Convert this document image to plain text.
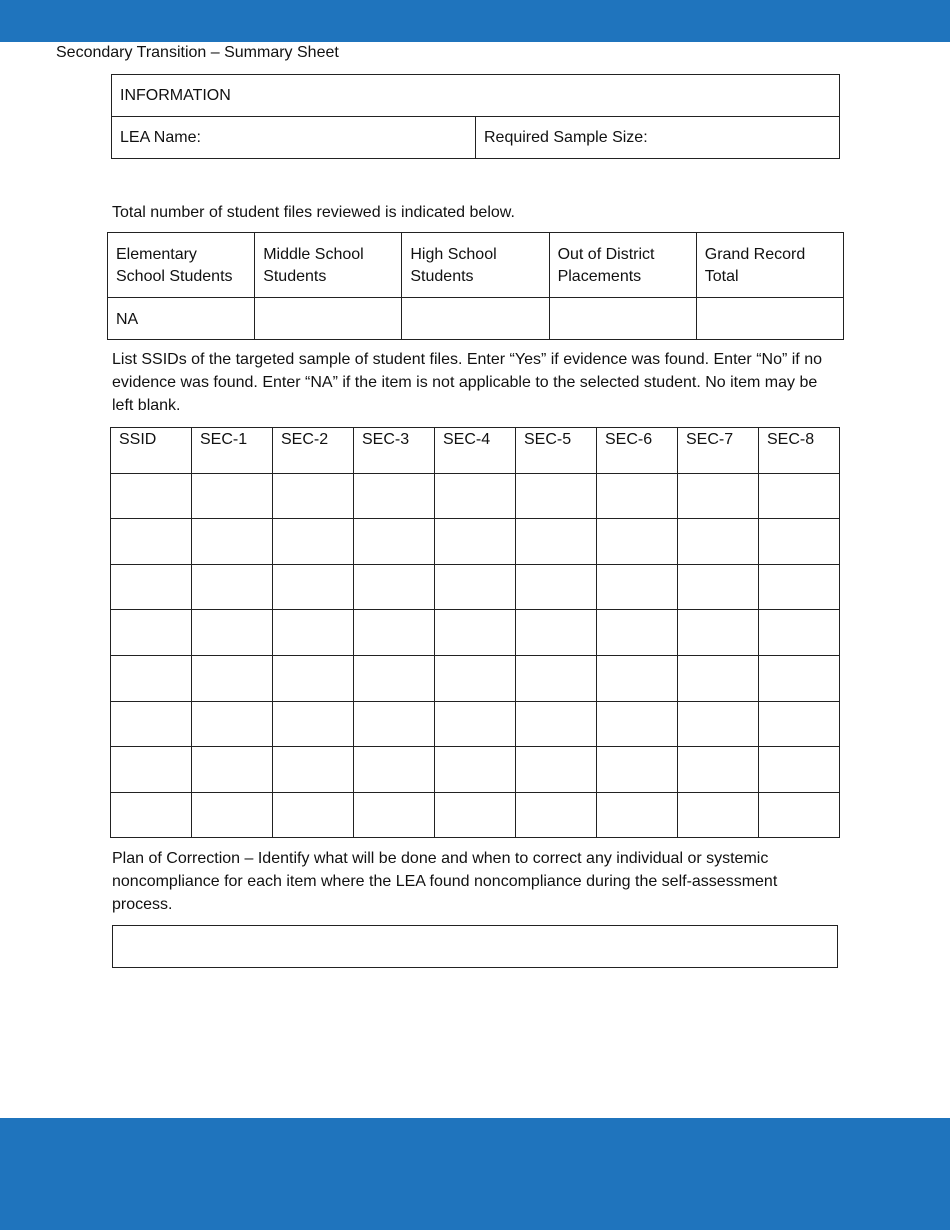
Secondary Transition – Summary Sheet
INFORMATION
LEA Name:	Required Sample Size:

Total number of student files reviewed is indicated below.

Elementary School Students	Middle School Students	High School Students	Out of District Placements	Grand Record Total
NA				

List SSIDs of the targeted sample of student files. Enter “Yes” if evidence was found. Enter “No” if no evidence was found. Enter “NA” if the item is not applicable to the selected student. No item may be left blank.

SSID	SEC-1	SEC-2	SEC-3	SEC-4	SEC-5	SEC-6	SEC-7	SEC-8

Plan of Correction – Identify what will be done and when to correct any individual or systemic noncompliance for each item where the LEA found noncompliance during the self-assessment process.
